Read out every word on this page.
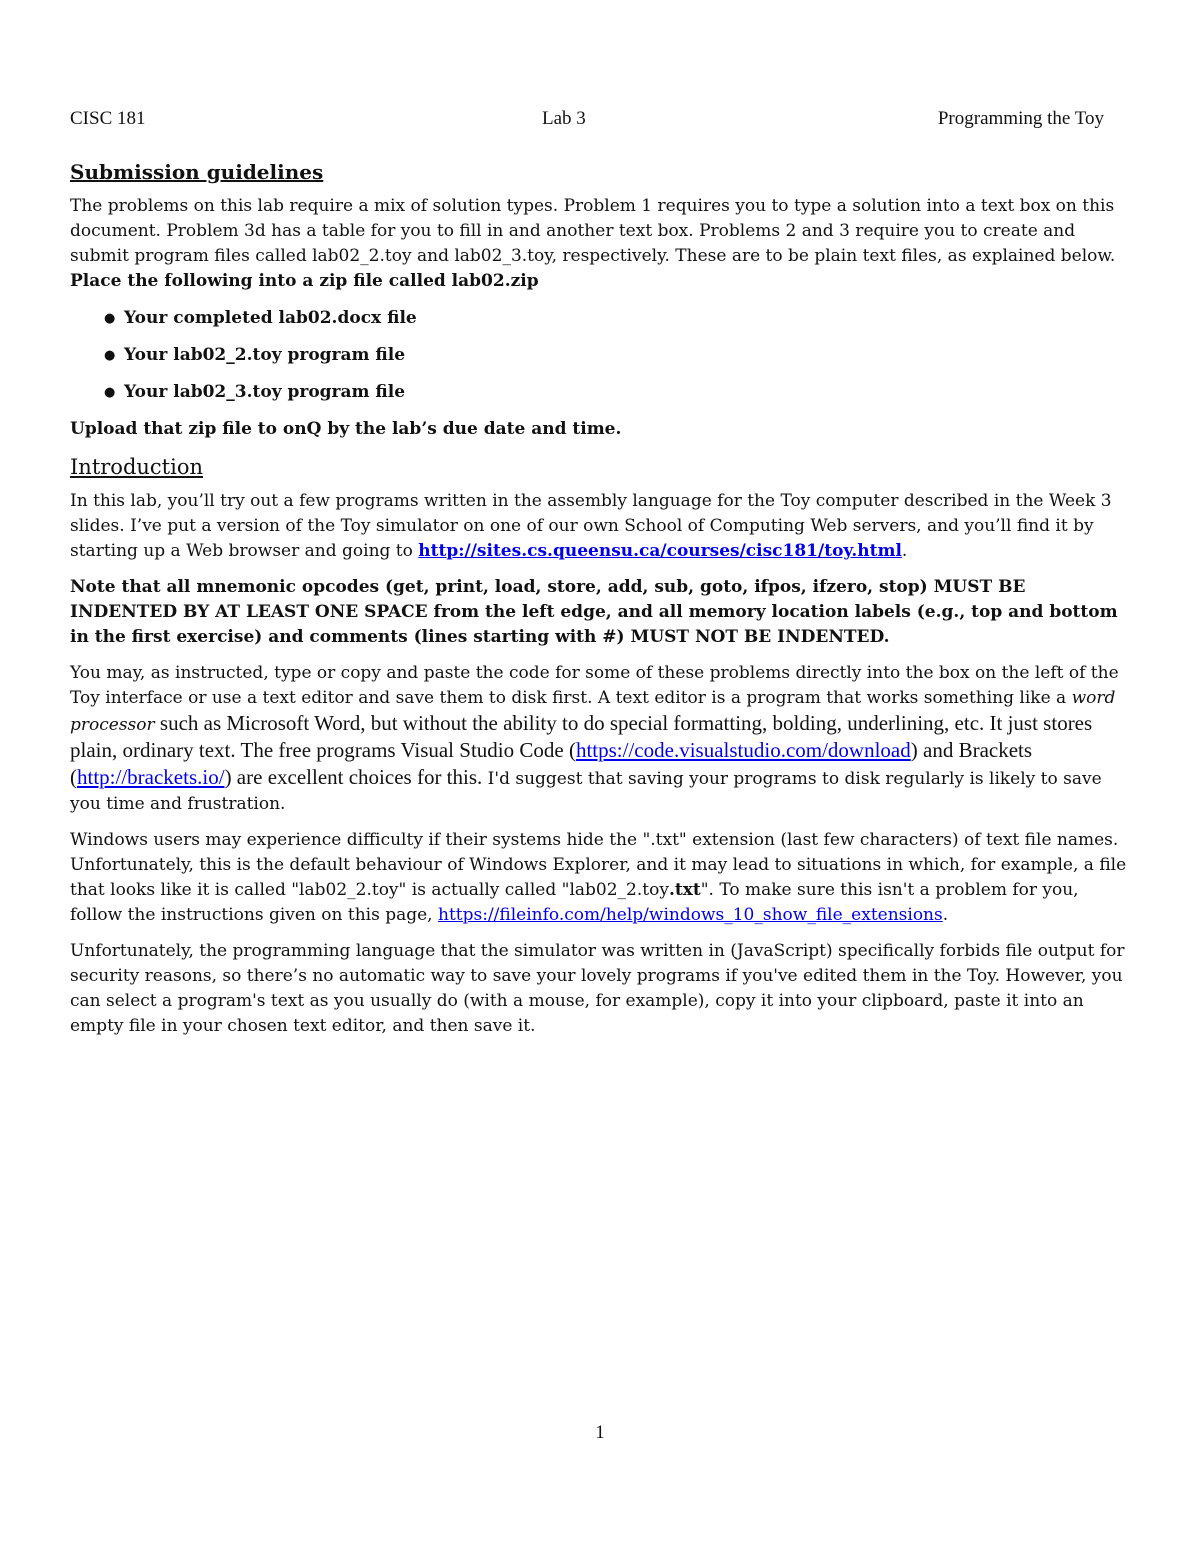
CISC 181	Lab 3	Programming the Toy
Submission guidelines

The problems on this lab require a mix of solution types. Problem 1 requires you to type a solution into a text box on this document. Problem 3d has a table for you to fill in and another text box. Problems 2 and 3 require you to create and submit program files called lab02_2.toy and lab02_3.toy, respectively. These are to be plain text files, as explained below.

Place the following into a zip file called lab02.zip

● Your completed lab02.docx file
● Your lab02_2.toy program file
● Your lab02_3.toy program file

Upload that zip file to onQ by the lab’s due date and time.

Introduction

In this lab, you’ll try out a few programs written in the assembly language for the Toy computer described in the Week 3 slides. I’ve put a version of the Toy simulator on one of our own School of Computing Web servers, and you’ll find it by starting up a Web browser and going to http://sites.cs.queensu.ca/courses/cisc181/toy.html.

Note that all mnemonic opcodes (get, print, load, store, add, sub, goto, ifpos, ifzero, stop) MUST BE INDENTED BY AT LEAST ONE SPACE from the left edge, and all memory location labels (e.g., top and bottom in the first exercise) and comments (lines starting with #) MUST NOT BE INDENTED.

You may, as instructed, type or copy and paste the code for some of these problems directly into the box on the left of the Toy interface or use a text editor and save them to disk first. A text editor is a program that works something like a word processor such as Microsoft Word, but without the ability to do special formatting, bolding, underlining, etc. It just stores plain, ordinary text. The free programs Visual Studio Code (https://code.visualstudio.com/download) and Brackets (http://brackets.io/) are excellent choices for this. I'd suggest that saving your programs to disk regularly is likely to save you time and frustration.

Windows users may experience difficulty if their systems hide the ".txt" extension (last few characters) of text file names. Unfortunately, this is the default behaviour of Windows Explorer, and it may lead to situations in which, for example, a file that looks like it is called "lab02_2.toy" is actually called "lab02_2.toy.txt". To make sure this isn't a problem for you, follow the instructions given on this page, https://fileinfo.com/help/windows_10_show_file_extensions.

Unfortunately, the programming language that the simulator was written in (JavaScript) specifically forbids file output for security reasons, so there’s no automatic way to save your lovely programs if you've edited them in the Toy. However, you can select a program's text as you usually do (with a mouse, for example), copy it into your clipboard, paste it into an empty file in your chosen text editor, and then save it.

1
